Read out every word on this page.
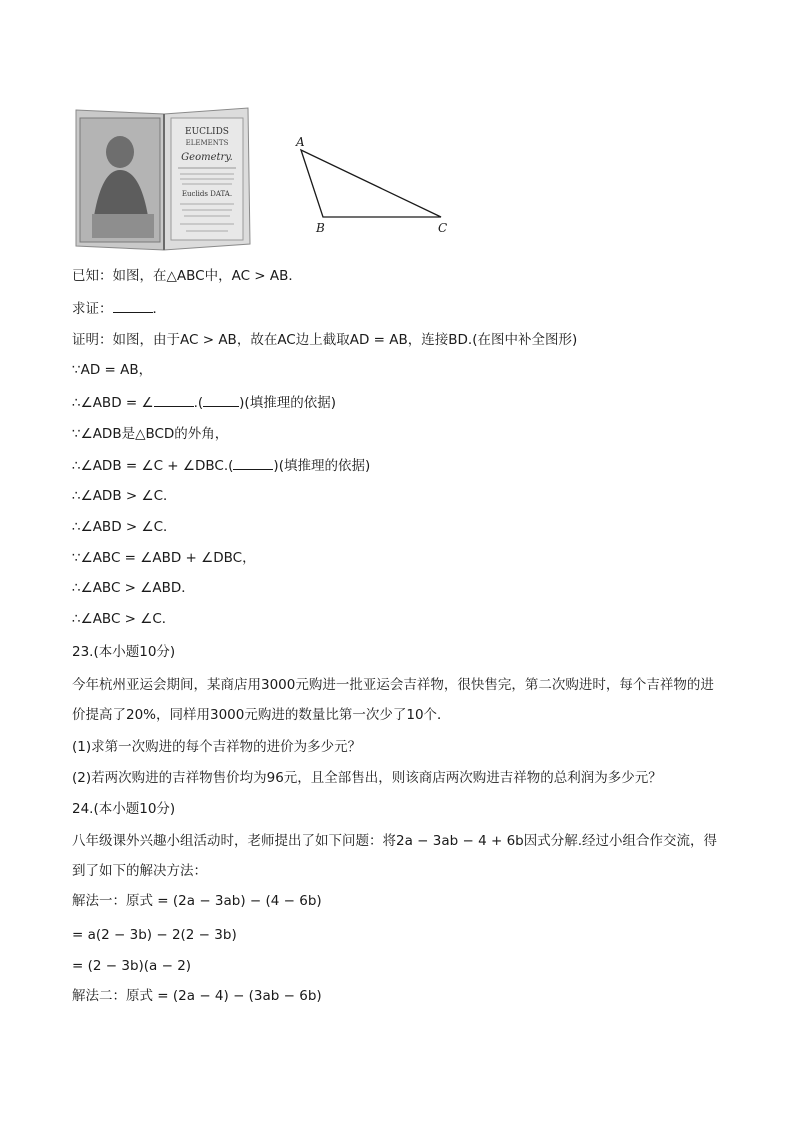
EUCLIDS
ELEMENTS
Geometry.
Euclids DATA.
A
B	C
已知：如图，在△ABC中，AC > AB．
求证：	．
证明：如图，由于AC > AB，故在AC边上截取AD = AB，连接BD.(在图中补全图形)
∵AD = AB，
∴∠ABD = ∠	.(	)(填推理的依据)
∵∠ADB是△BCD的外角，
∴∠ADB = ∠C + ∠DBC.(	)(填推理的依据)
∴∠ADB > ∠C．
∴∠ABD > ∠C．
∵∠ABC = ∠ABD + ∠DBC，
∴∠ABC > ∠ABD．
∴∠ABC > ∠C．
23.(本小题10分)
今年杭州亚运会期间，某商店用3000元购进一批亚运会吉祥物，很快售完，第二次购进时，每个吉祥物的进价提高了20%，同样用3000元购进的数量比第一次少了10个．
(1)求第一次购进的每个吉祥物的进价为多少元？
(2)若两次购进的吉祥物售价均为96元，且全部售出，则该商店两次购进吉祥物的总利润为多少元？
24.(本小题10分)
八年级课外兴趣小组活动时，老师提出了如下问题：将2a − 3ab − 4 + 6b因式分解.经过小组合作交流，得到了如下的解决方法：
解法一：原式 = (2a − 3ab) − (4 − 6b)
= a(2 − 3b) − 2(2 − 3b)
= (2 − 3b)(a − 2)
解法二：原式 = (2a − 4) − (3ab − 6b)
